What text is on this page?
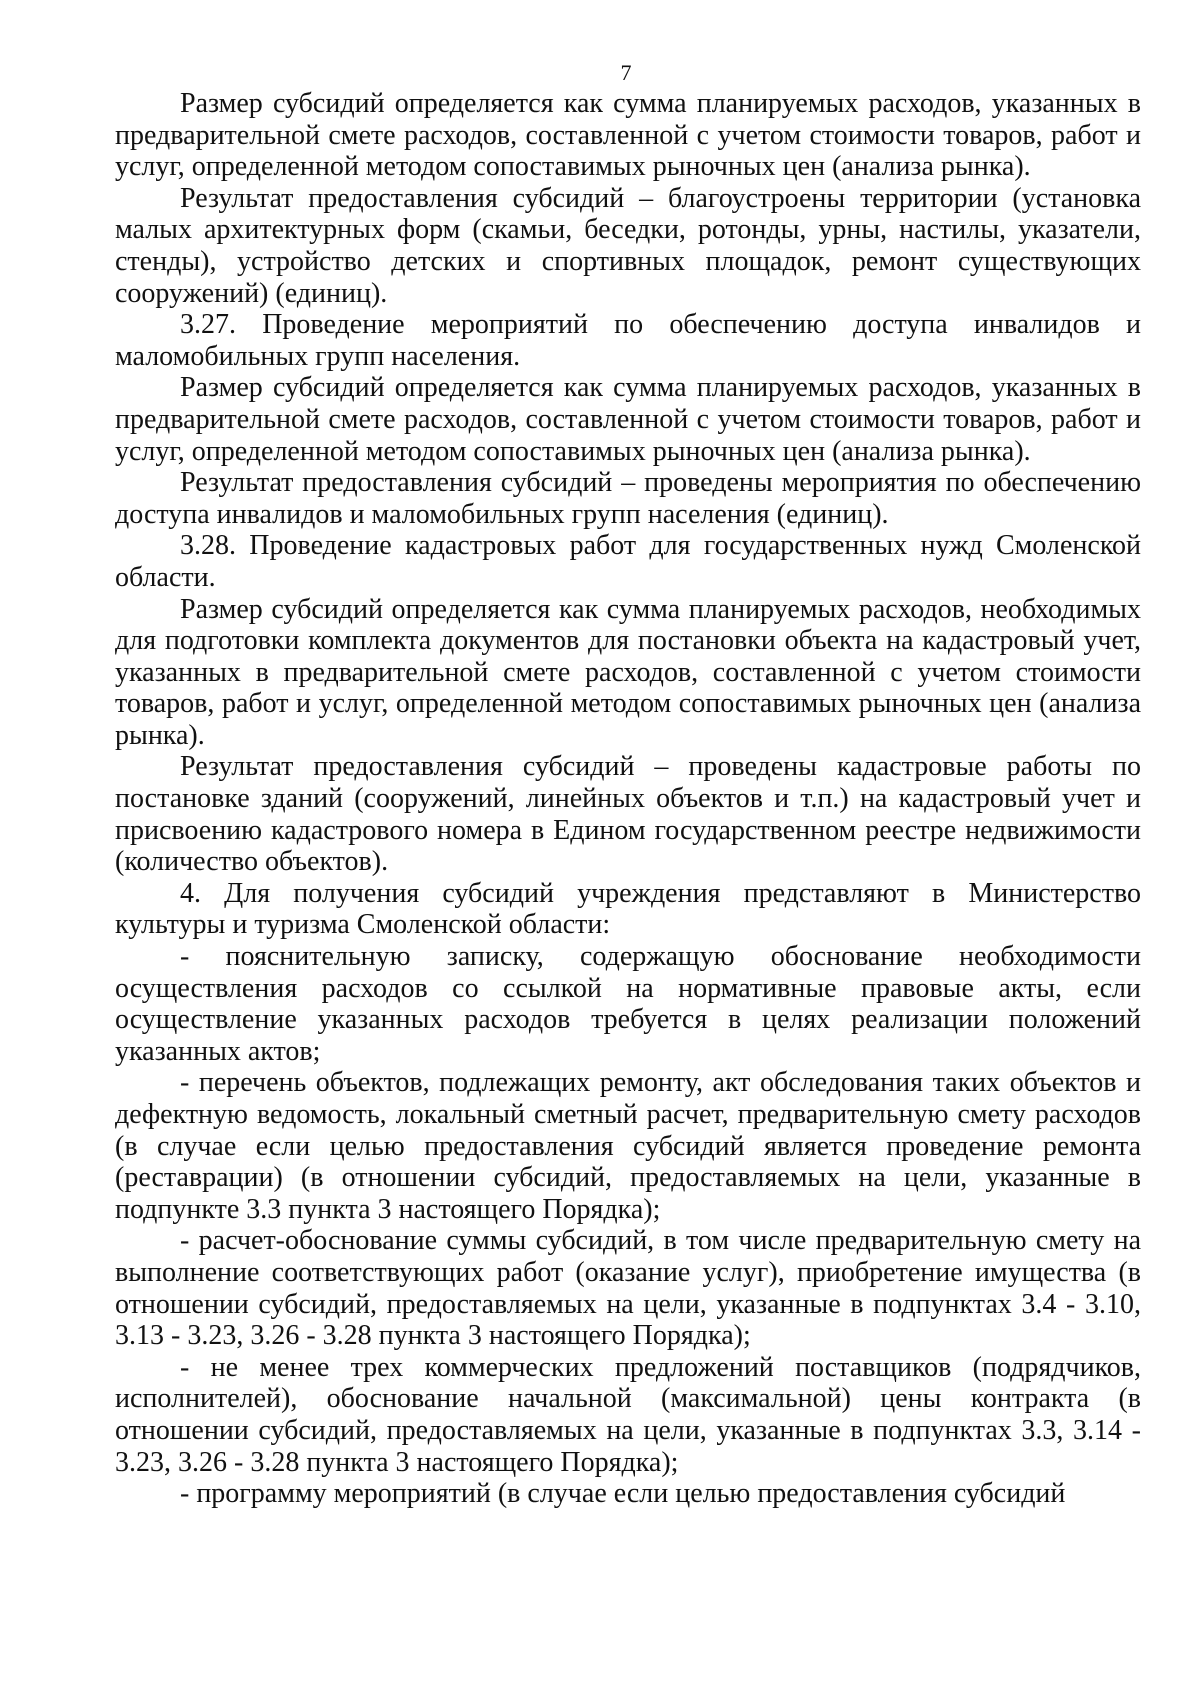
7

Размер субсидий определяется как сумма планируемых расходов, указанных в предварительной смете расходов, составленной с учетом стоимости товаров, работ и услуг, определенной методом сопоставимых рыночных цен (анализа рынка).

Результат предоставления субсидий – благоустроены территории (установка малых архитектурных форм (скамьи, беседки, ротонды, урны, настилы, указатели, стенды), устройство детских и спортивных площадок, ремонт существующих сооружений) (единиц).

3.27. Проведение мероприятий по обеспечению доступа инвалидов и маломобильных групп населения.

Размер субсидий определяется как сумма планируемых расходов, указанных в предварительной смете расходов, составленной с учетом стоимости товаров, работ и услуг, определенной методом сопоставимых рыночных цен (анализа рынка).

Результат предоставления субсидий – проведены мероприятия по обеспечению доступа инвалидов и маломобильных групп населения (единиц).

3.28. Проведение кадастровых работ для государственных нужд Смоленской области.

Размер субсидий определяется как сумма планируемых расходов, необходимых для подготовки комплекта документов для постановки объекта на кадастровый учет, указанных в предварительной смете расходов, составленной с учетом стоимости товаров, работ и услуг, определенной методом сопоставимых рыночных цен (анализа рынка).

Результат предоставления субсидий – проведены кадастровые работы по постановке зданий (сооружений, линейных объектов и т.п.) на кадастровый учет и присвоению кадастрового номера в Едином государственном реестре недвижимости (количество объектов).

4. Для получения субсидий учреждения представляют в Министерство культуры и туризма Смоленской области:

- пояснительную записку, содержащую обоснование необходимости осуществления расходов со ссылкой на нормативные правовые акты, если осуществление указанных расходов требуется в целях реализации положений указанных актов;

- перечень объектов, подлежащих ремонту, акт обследования таких объектов и дефектную ведомость, локальный сметный расчет, предварительную смету расходов (в случае если целью предоставления субсидий является проведение ремонта (реставрации) (в отношении субсидий, предоставляемых на цели, указанные в подпункте 3.3 пункта 3 настоящего Порядка);

- расчет-обоснование суммы субсидий, в том числе предварительную смету на выполнение соответствующих работ (оказание услуг), приобретение имущества (в отношении субсидий, предоставляемых на цели, указанные в подпунктах 3.4 - 3.10, 3.13 - 3.23, 3.26 - 3.28 пункта 3 настоящего Порядка);

- не менее трех коммерческих предложений поставщиков (подрядчиков, исполнителей), обоснование начальной (максимальной) цены контракта (в отношении субсидий, предоставляемых на цели, указанные в подпунктах 3.3, 3.14 - 3.23, 3.26 - 3.28 пункта 3 настоящего Порядка);

- программу мероприятий (в случае если целью предоставления субсидий
